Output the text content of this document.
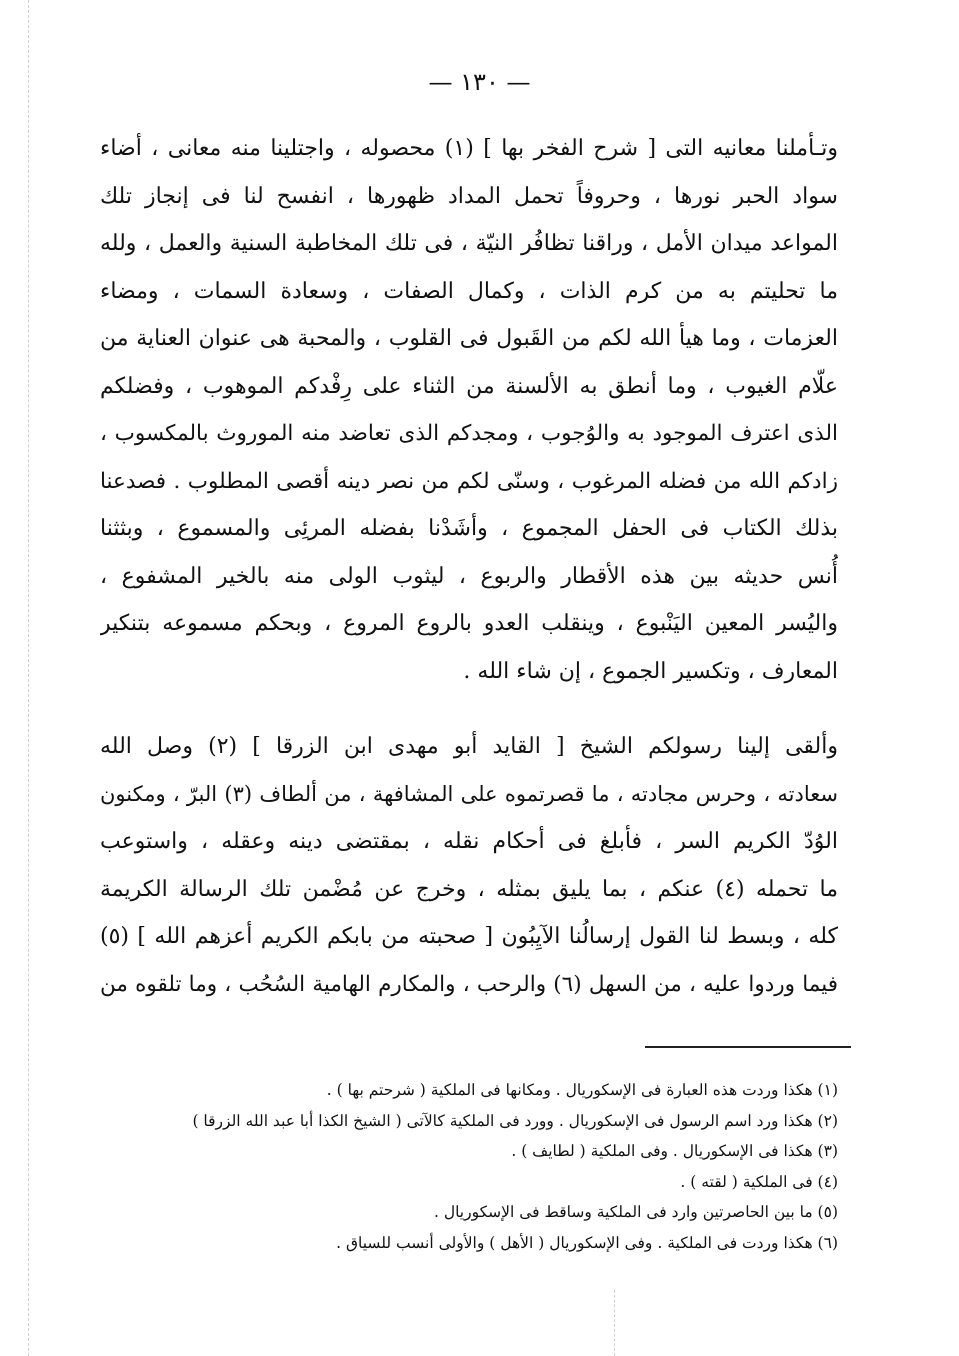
— ١٣٠ —
وتـأملنا معانيه التى [ شرح الفخر بها ] (١) محصوله ، واجتلينا منه معانى ، أضاء
سواد الحبر نورها ، وحروفاً تحمل المداد ظهورها ، انفسح لنا فى إنجاز تلك
المواعد ميدان الأمل ، وراقنا تظافُر النيّة ، فى تلك المخاطبة السنية والعمل ، ولله
ما تحليتم به من كرم الذات ، وكمال الصفات ، وسعادة السمات ، ومضاء
العزمات ، وما هيأ الله لكم من القَبول فى القلوب ، والمحبة هى عنوان العناية من
علّام الغيوب ، وما أنطق به الألسنة من الثناء على رِفْدكم الموهوب ، وفضلكم
الذى اعترف الموجود به والوُجوب ، ومجدكم الذى تعاضد منه الموروث بالمكسوب ،
زادكم الله من فضله المرغوب ، وسنّى لكم من نصر دينه أقصى المطلوب . فصدعنا
بذلك الكتاب فى الحفل المجموع ، وأشَدْنا بفضله المرئِى والمسموع ، وبثثنا
أُنس حديثه بين هذه الأقطار والربوع ، ليثوب الولى منه بالخير المشفوع ،
واليُسر المعين اليَنْبوع ، وينقلب العدو بالروع المروع ، وبحكم مسموعه بتنكير
المعارف ، وتكسير الجموع ، إن شاء الله .
وألقى إلينا رسولكم الشيخ [ القايد أبو مهدى ابن الزرقا ] (٢) وصل الله
سعادته ، وحرس مجادته ، ما قصرتموه على المشافهة ، من ألطاف (٣) البرّ ، ومكنون
الوُدّ الكريم السر ، فأبلغ فى أحكام نقله ، بمقتضى دينه وعقله ، واستوعب
ما تحمله (٤) عنكم ، بما يليق بمثله ، وخرج عن مُضْمن تلك الرسالة الكريمة
كله ، وبسط لنا القول إرسالُنا الآيِبُون [ صحبته من بابكم الكريم أعزهم الله ] (٥)
فيما وردوا عليه ، من السهل (٦) والرحب ، والمكارم الهامية السُحُب ، وما تلقوه من
(١) هكذا وردت هذه العبارة فى الإسكوريال . ومكانها فى الملكية ( شرحتم بها ) .
(٢) هكذا ورد اسم الرسول فى الإسكوريال . وورد فى الملكية كالآتى ( الشيخ الكذا أبا عبد الله الزرقا )
(٣) هكذا فى الإسكوريال . وفى الملكية ( لطايف ) .
(٤) فى الملكية ( لقته ) .
(٥) ما بين الحاصرتين وارد فى الملكية وساقط فى الإسكوريال .
(٦) هكذا وردت فى الملكية . وفى الإسكوريال ( الأهل ) والأولى أنسب للسياق .
